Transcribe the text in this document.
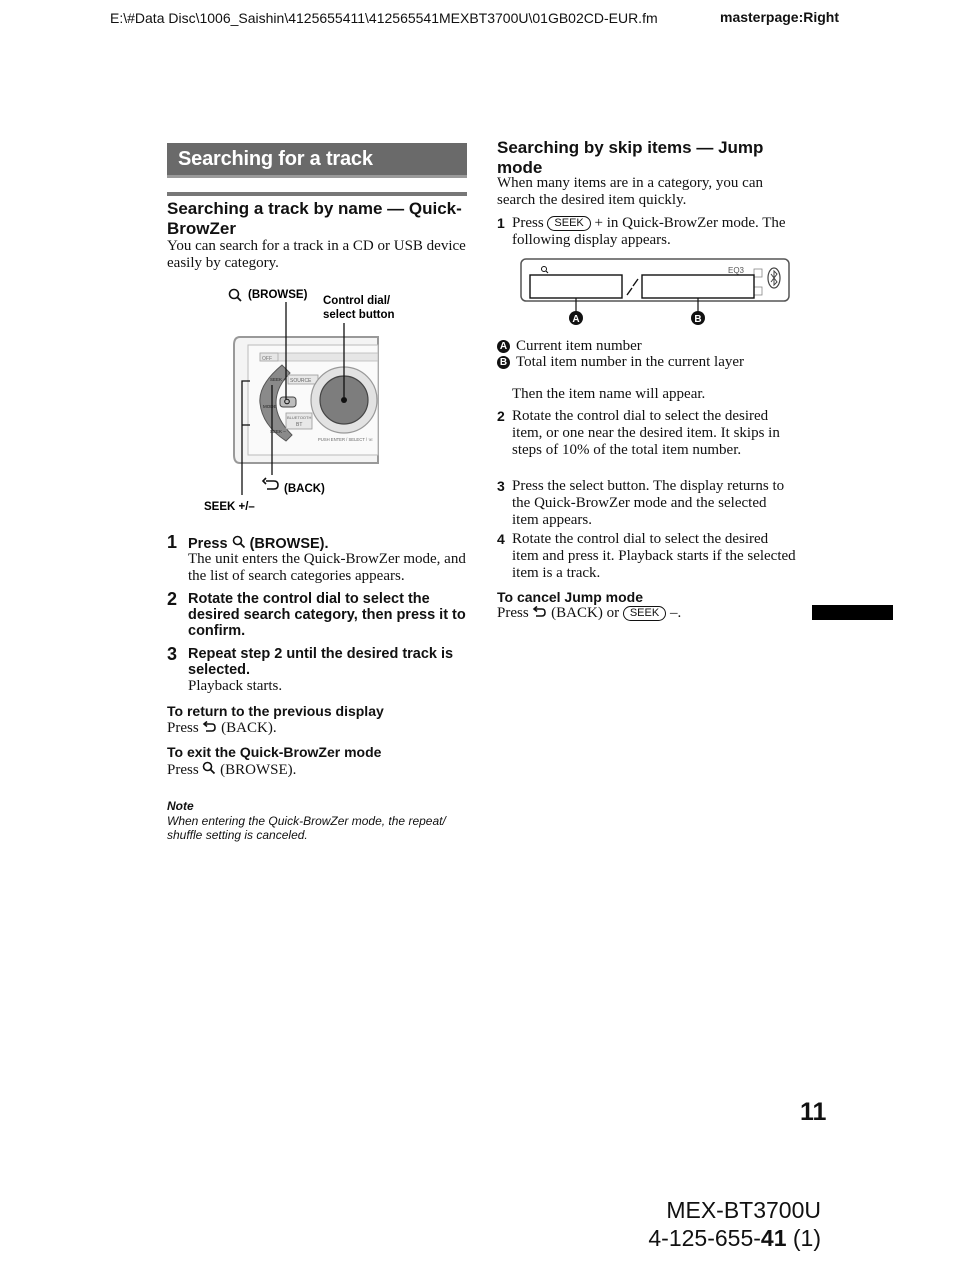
E:\#Data Disc\1006_Saishin\4125655411\412565541MEXBT3700U\01GB02CD-EUR.fm	masterpage:Right
Searching for a track
Searching a track by name — Quick-BrowZer
You can search for a track in a CD or USB device easily by category.
(BROWSE) Control dial/
select button
OFF
SEEK +
MODE
SEEK –
SOURCE
BLUETOOTH
BT
PUSH ENTER / SELECT / ☏
(BACK)
SEEK +/–
1 Press (BROWSE).
The unit enters the Quick-BrowZer mode, and the list of search categories appears.
2 Rotate the control dial to select the desired search category, then press it to confirm.
3 Repeat step 2 until the desired track is selected.
Playback starts.
To return to the previous display
Press (BACK).
To exit the Quick-BrowZer mode
Press (BROWSE).
Note
When entering the Quick-BrowZer mode, the repeat/ shuffle setting is canceled.
Searching by skip items — Jump mode
When many items are in a category, you can search the desired item quickly.
1 Press SEEK + in Quick-BrowZer mode. The following display appears.
EQ3
A	B
A Current item number
B Total item number in the current layer
Then the item name will appear.
2 Rotate the control dial to select the desired item, or one near the desired item. It skips in steps of 10% of the total item number.
3 Press the select button. The display returns to the Quick-BrowZer mode and the selected item appears.
4 Rotate the control dial to select the desired item and press it. Playback starts if the selected item is a track.
To cancel Jump mode
Press (BACK) or SEEK –.
11
MEX-BT3700U
4-125-655-41 (1)
